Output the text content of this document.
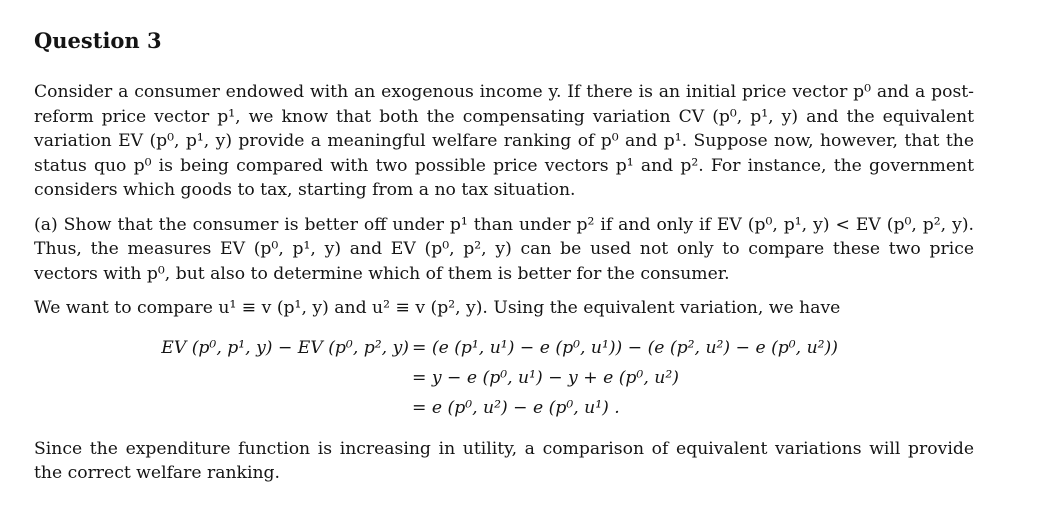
Question 3

Consider a consumer endowed with an exogenous income y. If there is an initial price vector p⁰ and a post-reform price vector p¹, we know that both the compensating variation CV (p⁰, p¹, y) and the equivalent variation EV (p⁰, p¹, y) provide a meaningful welfare ranking of p⁰ and p¹. Suppose now, however, that the status quo p⁰ is being compared with two possible price vectors p¹ and p². For instance, the government considers which goods to tax, starting from a no tax situation.

(a) Show that the consumer is better off under p¹ than under p² if and only if EV (p⁰, p¹, y) < EV (p⁰, p², y). Thus, the measures EV (p⁰, p¹, y) and EV (p⁰, p², y) can be used not only to compare these two price vectors with p⁰, but also to determine which of them is better for the consumer.

We want to compare u¹ ≡ v (p¹, y) and u² ≡ v (p², y). Using the equivalent variation, we have

EV (p⁰, p¹, y) − EV (p⁰, p², y) = (e (p¹, u¹) − e (p⁰, u¹)) − (e (p², u²) − e (p⁰, u²))
= y − e (p⁰, u¹) − y + e (p⁰, u²)
= e (p⁰, u²) − e (p⁰, u¹) .

Since the expenditure function is increasing in utility, a comparison of equivalent variations will provide the correct welfare ranking.
